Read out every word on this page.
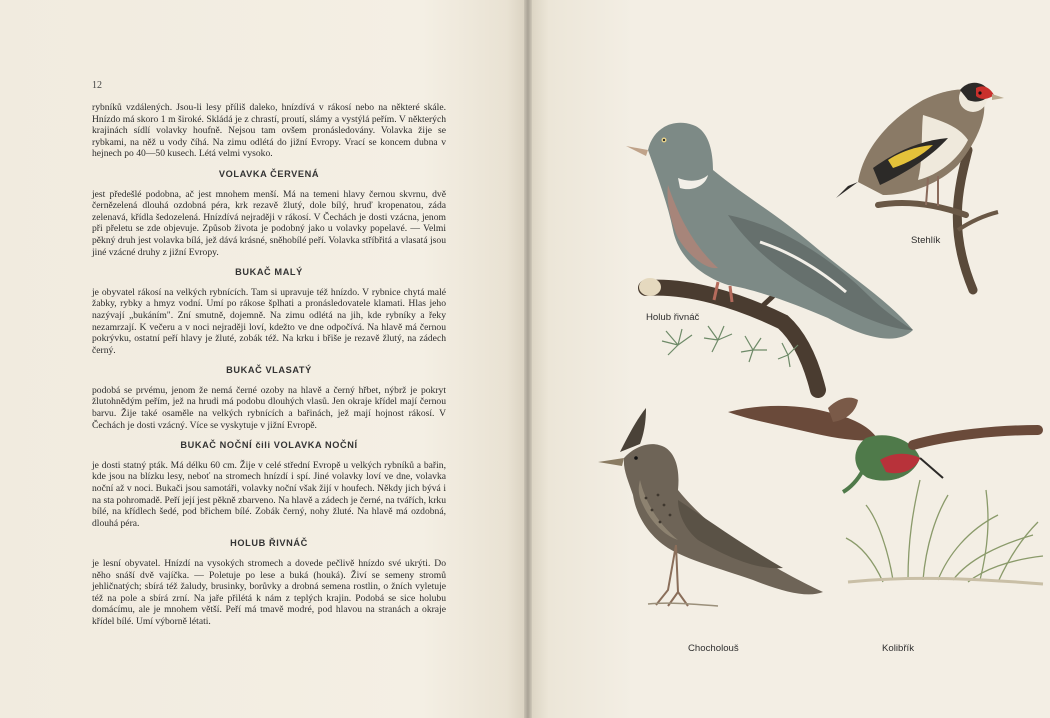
12

rybníků vzdálených. Jsou-li lesy příliš daleko, hnízdívá v rákosí nebo na některé skále. Hnízdo má skoro 1 m široké. Skládá je z chrastí, proutí, slámy a vystýlá peřím. V některých krajinách sídlí volavky houfně. Nejsou tam ovšem pronásledovány. Volavka žije se rybkami, na něž u vody číhá. Na zimu odlétá do jižní Evropy. Vrací se koncem dubna v hejnech po 40—50 kusech. Létá velmi vysoko.

VOLAVKA ČERVENÁ

jest předešlé podobna, ač jest mnohem menší. Má na temeni hlavy černou skvrnu, dvě černězelená dlouhá ozdobná péra, krk rezavě žlutý, dole bílý, hruď kropenatou, záda zelenavá, křídla šedozelená. Hnízdívá nejraději v rákosí. V Čechách je dosti vzácna, jenom při přeletu se zde objevuje. Způsob života je podobný jako u volavky popelavé. — Velmi pěkný druh jest volavka bílá, jež dává krásné, sněhobílé peří. Volavka stříbřitá a vlasatá jsou jiné vzácné druhy z jižní Evropy.

BUKAČ MALÝ

je obyvatel rákosí na velkých rybnících. Tam si upravuje též hnízdo. V rybnice chytá malé žabky, rybky a hmyz vodní. Umí po rákose šplhati a pronásledovatele klamati. Hlas jeho nazývají „bukáním". Zní smutně, dojemně. Na zimu odlétá na jih, kde rybníky a řeky nezamrzají. K večeru a v noci nejraději loví, kdežto ve dne odpočívá. Na hlavě má černou pokrývku, ostatní peří hlavy je žluté, zobák též. Na krku i břiše je rezavě žlutý, na zádech černý.

BUKAČ VLASATÝ

podobá se prvému, jenom že nemá černé ozoby na hlavě a černý hřbet, nýbrž je pokryt žlutohnědým peřím, jež na hrudi má podobu dlouhých vlasů. Jen okraje křídel mají černou barvu. Žije také osaměle na velkých rybnících a bařinách, jež mají hojnost rákosí. V Čechách je dosti vzácný. Více se vyskytuje v jižní Evropě.

BUKAČ NOČNÍ čili VOLAVKA NOČNÍ

je dosti statný pták. Má délku 60 cm. Žije v celé střední Evropě u velkých rybníků a bařin, kde jsou na blízku lesy, neboť na stromech hnízdí i spí. Jiné volavky loví ve dne, volavka noční až v noci. Bukači jsou samotáři, volavky noční však žijí v houfech. Někdy jich bývá i na sta pohromadě. Peří její jest pěkně zbarveno. Na hlavě a zádech je černé, na tvářích, krku bílé, na křídlech šedé, pod břichem bílé. Zobák černý, nohy žluté. Na hlavě má ozdobná, dlouhá péra.

HOLUB ŘIVNÁČ

je lesní obyvatel. Hnízdí na vysokých stromech a dovede pečlivě hnízdo své ukrýti. Do něho snáší dvě vajíčka. — Poletuje po lese a buká (houká). Živí se semeny stromů jehličnatých; sbírá též žaludy, brusinky, borůvky a drobná semena rostlin, o žních vyletuje též na pole a sbírá zrní. Na jaře přilétá k nám z teplých krajin. Podobá se sice holubu domácímu, ale je mnohem větší. Peří má tmavě modré, pod hlavou na stranách a okraje křídel bílé. Umí výborně létati.

Stehlík
Holub řivnáč
Chocholouš	Kolibřík
